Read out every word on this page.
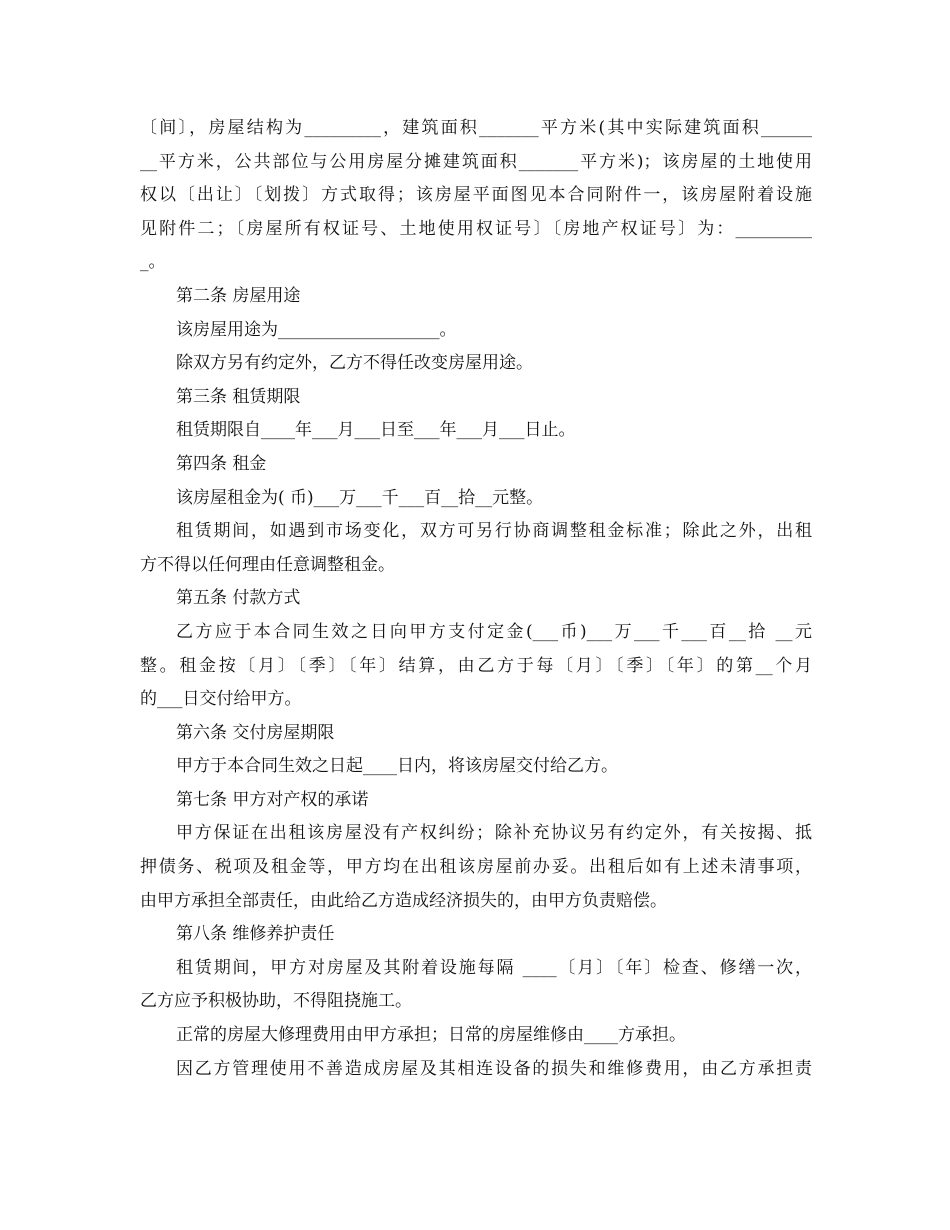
〔间〕，房屋结构为_________，建筑面积_______平方米(其中实际建筑面积______

__平方米，公共部位与公用房屋分摊建筑面积_______平方米)；该房屋的土地使用

权以〔出让〕〔划拨〕方式取得；该房屋平面图见本合同附件一，该房屋附着设施

见附件二；〔房屋所有权证号、土地使用权证号〕〔房地产权证号〕为：_________

_。

第二条 房屋用途

该房屋用途为___________________。

除双方另有约定外，乙方不得任改变房屋用途。

第三条 租赁期限

租赁期限自____年___月___日至___年___月___日止。

第四条 租金

该房屋租金为( 币)___万___千___百__拾__元整。

租赁期间，如遇到市场变化，双方可另行协商调整租金标准；除此之外，出租

方不得以任何理由任意调整租金。

第五条 付款方式

乙方应于本合同生效之日向甲方支付定金(___币)___万___千___百__拾 __元

整。租金按〔月〕〔季〕〔年〕结算，由乙方于每〔月〕〔季〕〔年〕的第__个月

的___日交付给甲方。

第六条 交付房屋期限

甲方于本合同生效之日起____日内，将该房屋交付给乙方。

第七条 甲方对产权的承诺

甲方保证在出租该房屋没有产权纠纷；除补充协议另有约定外，有关按揭、抵

押债务、税项及租金等，甲方均在出租该房屋前办妥。出租后如有上述未清事项，

由甲方承担全部责任，由此给乙方造成经济损失的，由甲方负责赔偿。

第八条 维修养护责任

租赁期间，甲方对房屋及其附着设施每隔 ____〔月〕〔年〕检查、修缮一次，

乙方应予积极协助，不得阻挠施工。

正常的房屋大修理费用由甲方承担；日常的房屋维修由____方承担。

因乙方管理使用不善造成房屋及其相连设备的损失和维修费用，由乙方承担责
